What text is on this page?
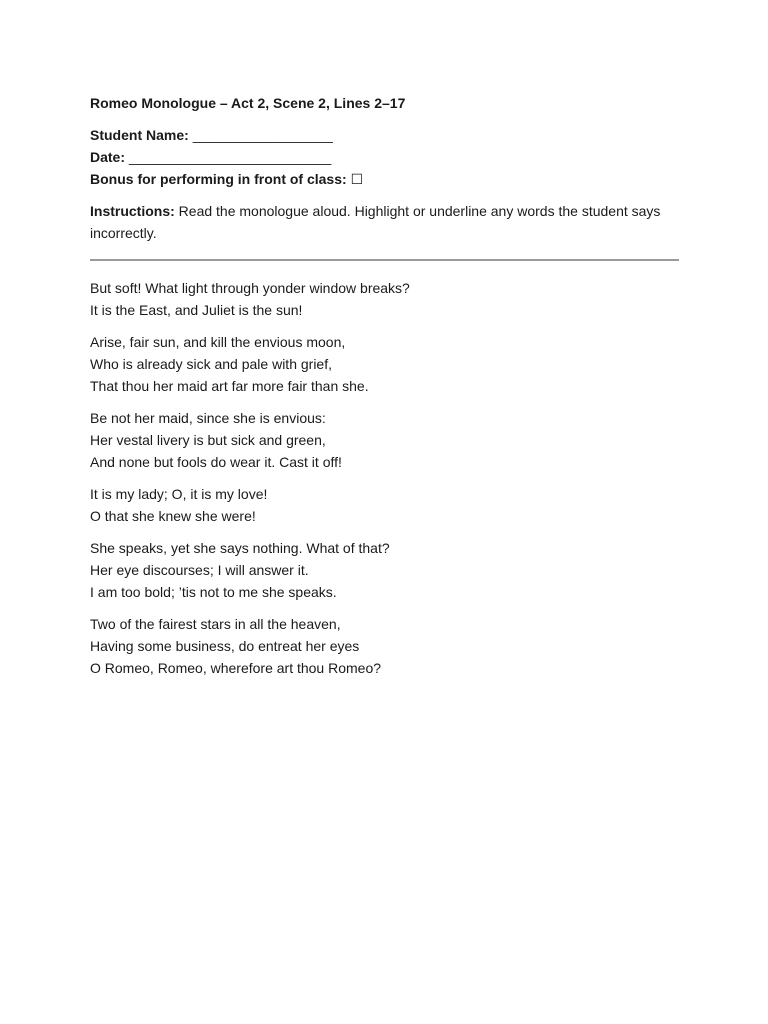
Romeo Monologue – Act 2, Scene 2, Lines 2–17
Student Name: __________________
Date: __________________________
Bonus for performing in front of class: ☐
Instructions: Read the monologue aloud. Highlight or underline any words the student says incorrectly.
But soft! What light through yonder window breaks?
It is the East, and Juliet is the sun!
Arise, fair sun, and kill the envious moon,
Who is already sick and pale with grief,
That thou her maid art far more fair than she.
Be not her maid, since she is envious:
Her vestal livery is but sick and green,
And none but fools do wear it. Cast it off!
It is my lady; O, it is my love!
O that she knew she were!
She speaks, yet she says nothing. What of that?
Her eye discourses; I will answer it.
I am too bold; ’tis not to me she speaks.
Two of the fairest stars in all the heaven,
Having some business, do entreat her eyes
O Romeo, Romeo, wherefore art thou Romeo?
